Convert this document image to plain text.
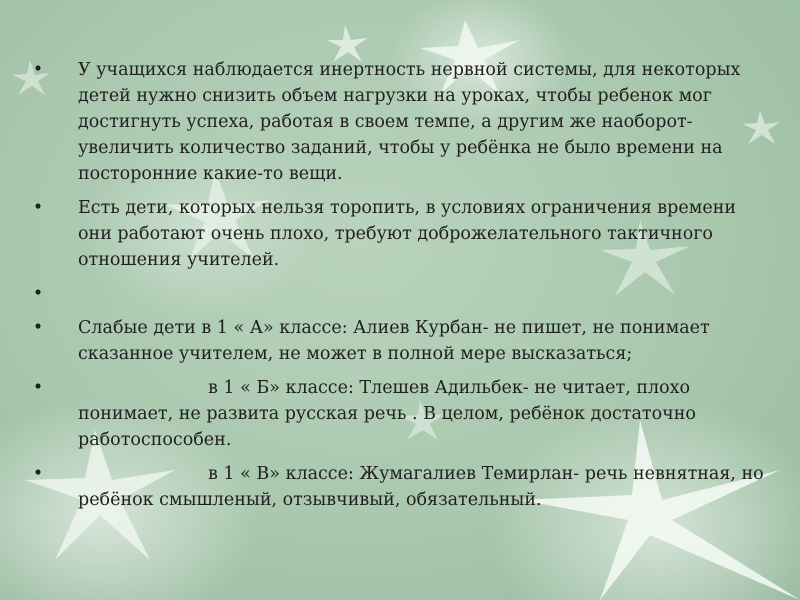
• У учащихся наблюдается инертность нервной системы, для некоторых детей нужно снизить объем нагрузки на уроках, чтобы ребенок мог достигнуть успеха, работая в своем темпе, а другим же наоборот- увеличить количество заданий, чтобы у ребёнка не было времени на посторонние какие-то вещи.
• Есть дети, которых нельзя торопить, в условиях ограничения времени они работают очень плохо, требуют доброжелательного тактичного отношения учителей.
•

• Слабые дети в 1 « А» классе: Алиев Курбан- не пишет, не понимает сказанное учителем, не может в полной мере высказаться;
•	в 1 « Б» классе: Тлешев Адильбек- не читает, плохо понимает, не развита русская речь . В целом, ребёнок достаточно работоспособен.
•	в 1 « В» классе: Жумагалиев Темирлан- речь невнятная, но ребёнок смышленый, отзывчивый, обязательный.
